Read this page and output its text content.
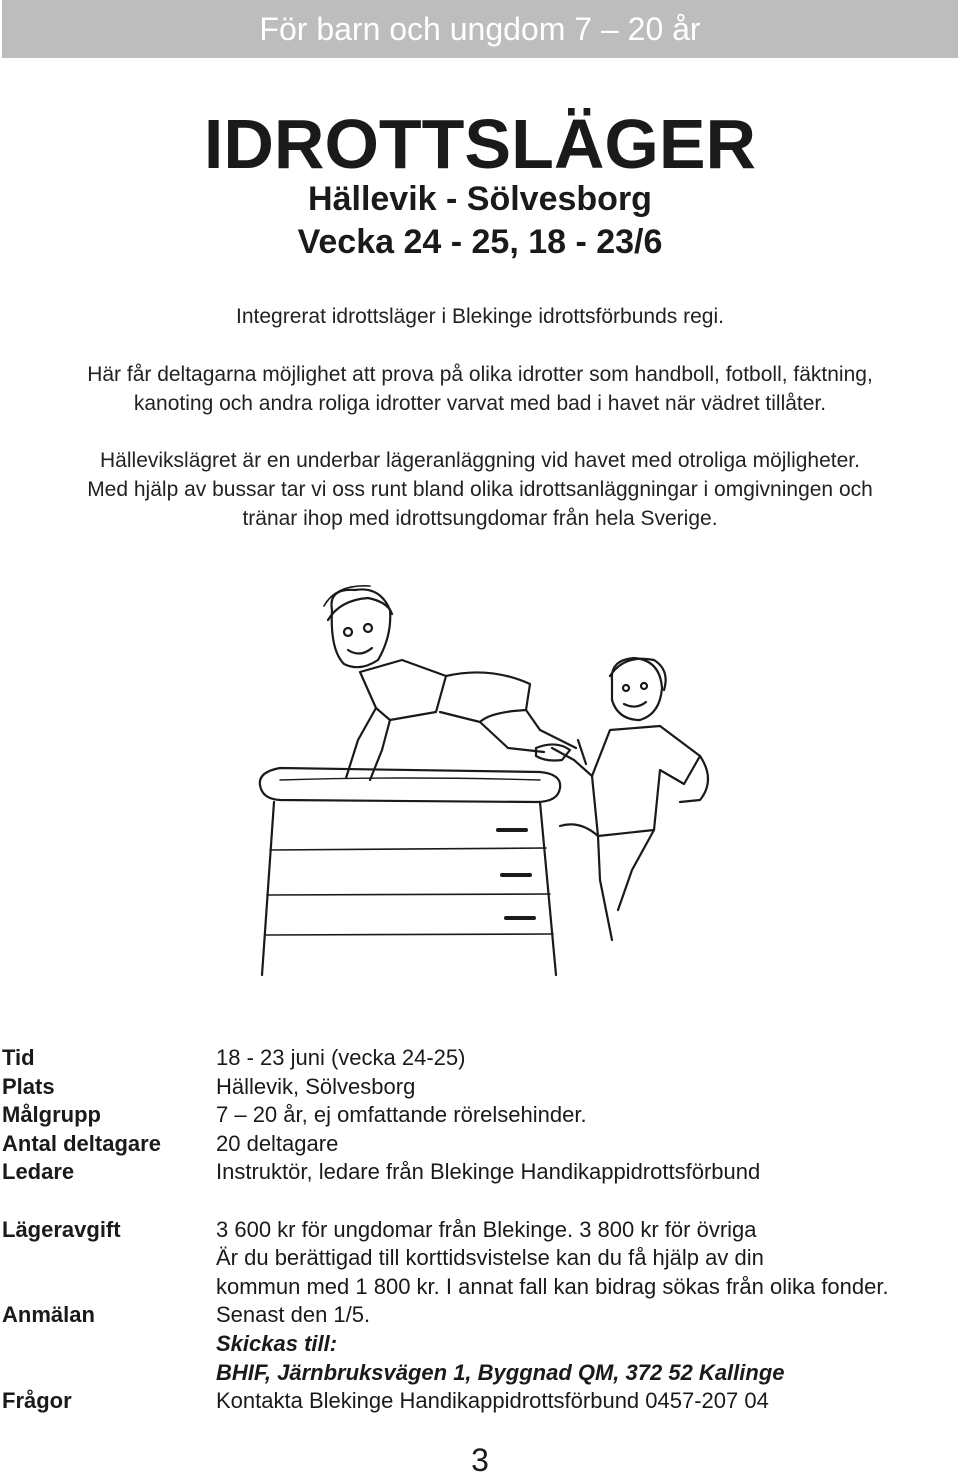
För barn och ungdom 7 – 20 år
IDROTTSLÄGER
Hällevik - Sölvesborg
Vecka 24 - 25, 18 - 23/6
Integrerat idrottsläger i Blekinge idrottsförbunds regi.
Här får deltagarna möjlighet att prova på olika idrotter som handboll, fotboll, fäktning,
kanoting och andra roliga idrotter varvat med bad i havet när vädret tillåter.
Hällevikslägret är en underbar lägeranläggning vid havet med otroliga möjligheter.
Med hjälp av bussar tar vi oss runt bland olika idrottsanläggningar i omgivningen och
tränar ihop med idrottsungdomar från hela Sverige.
Tid	18 - 23 juni (vecka 24-25)
Plats	Hällevik, Sölvesborg
Målgrupp	7 – 20 år, ej omfattande rörelsehinder.
Antal deltagare	20 deltagare
Ledare	Instruktör, ledare från Blekinge Handikappidrottsförbund
Lägeravgift	3 600 kr för ungdomar från Blekinge. 3 800 kr för övriga
Är du berättigad till korttidsvistelse kan du få hjälp av din
kommun med 1 800 kr. I annat fall kan bidrag sökas från olika fonder.
Anmälan	Senast den 1/5.
Skickas till:
BHIF, Järnbruksvägen 1, Byggnad QM, 372 52 Kallinge
Frågor	Kontakta Blekinge Handikappidrottsförbund 0457-207 04
3
